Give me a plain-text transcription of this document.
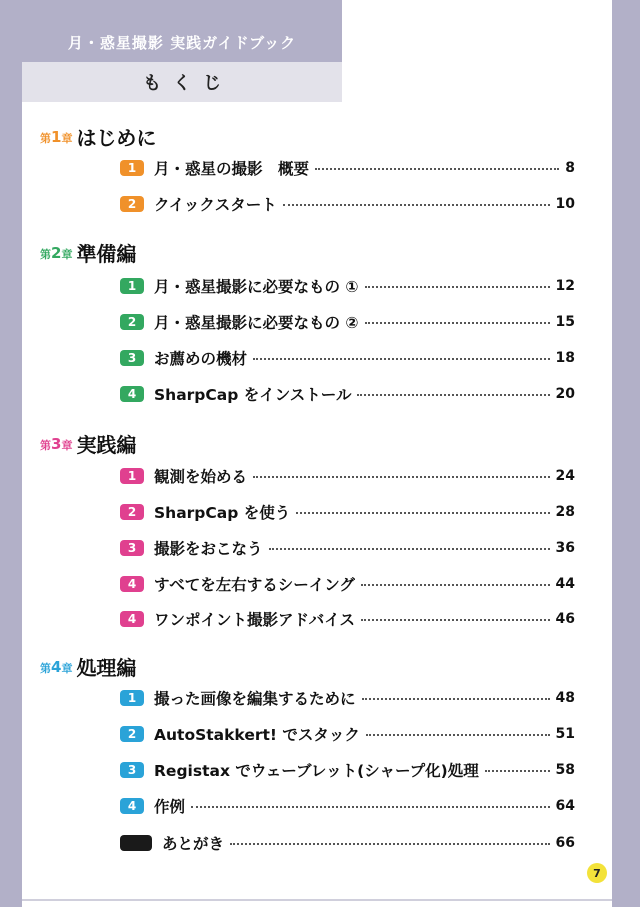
月・惑星撮影 実践ガイドブック
もくじ
第1章 はじめに
1	月・惑星の撮影　概要	8
2	クイックスタート	10
第2章 準備編
1	月・惑星撮影に必要なもの ①	12
2	月・惑星撮影に必要なもの ②	15
3	お薦めの機材	18
4	SharpCap をインストール	20
第3章 実践編
1	観測を始める	24
2	SharpCap を使う	28
3	撮影をおこなう	36
4	すべてを左右するシーイング	44
4	ワンポイント撮影アドバイス	46
第4章 処理編
1	撮った画像を編集するために	48
2	AutoStakkert! でスタック	51
3	Registax でウェーブレット(シャープ化)処理	58
4	作例	64
あとがき	66
7
